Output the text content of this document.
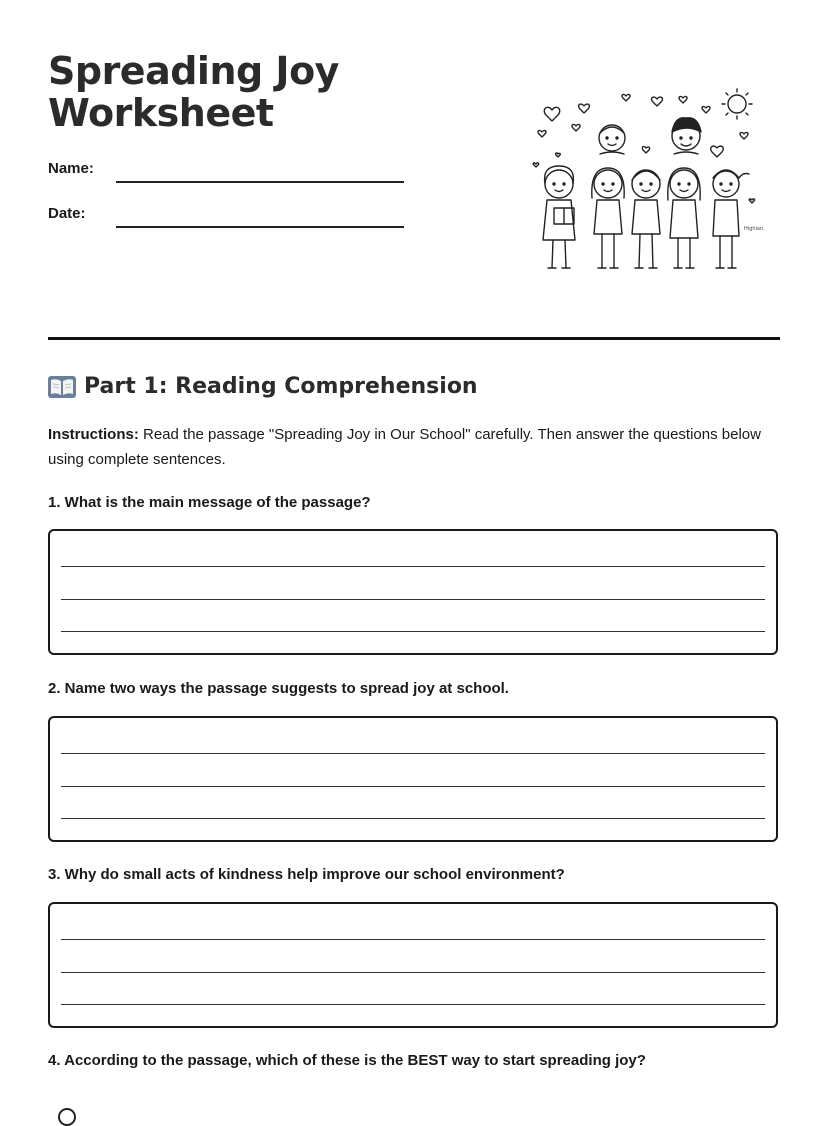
Spreading Joy
Worksheet
Name:
Date:
Highlan.
Part 1: Reading Comprehension

Instructions: Read the passage "Spreading Joy in Our School" carefully. Then answer the questions below using complete sentences.

1. What is the main message of the passage?

2. Name two ways the passage suggests to spread joy at school.

3. Why do small acts of kindness help improve our school environment?

4. According to the passage, which of these is the BEST way to start spreading joy?
